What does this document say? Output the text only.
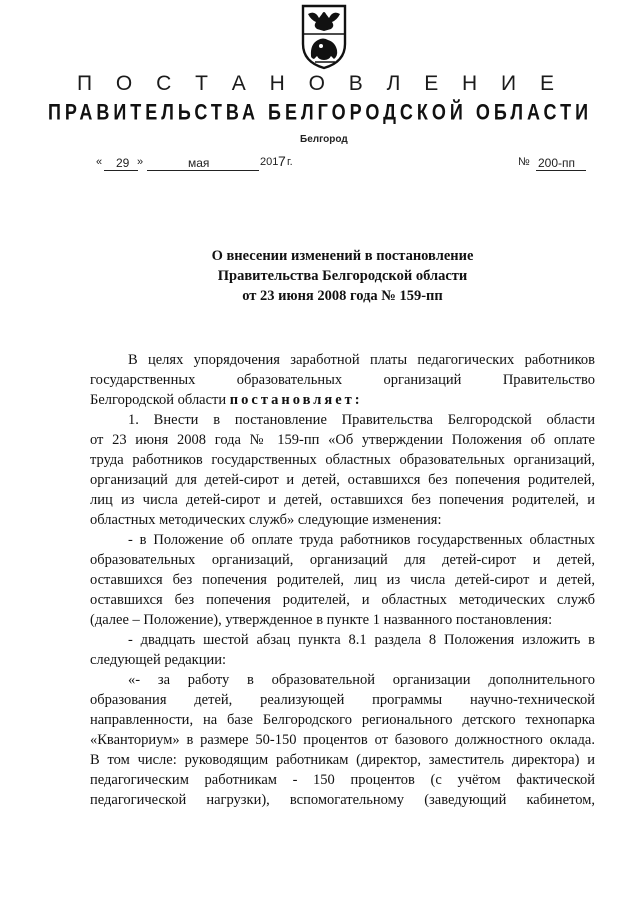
П О С Т А Н О В Л Е Н И Е
ПРАВИТЕЛЬСТВА БЕЛГОРОДСКОЙ ОБЛАСТИ
Белгород
« 29 »	мая	201 7 г.	№ 200-пп
О внесении изменений в постановление
Правительства Белгородской области
от 23 июня 2008 года № 159-пп
В целях упорядочения заработной платы педагогических работников
государственных образовательных организаций Правительство
Белгородской области постановляет:
1. Внести в постановление Правительства Белгородской области
от 23 июня 2008 года № 159-пп «Об утверждении Положения об оплате
труда работников государственных областных образовательных организаций,
организаций для детей-сирот и детей, оставшихся без попечения родителей,
лиц из числа детей-сирот и детей, оставшихся без попечения родителей, и
областных методических служб» следующие изменения:
- в Положение об оплате труда работников государственных областных
образовательных организаций, организаций для детей-сирот и детей,
оставшихся без попечения родителей, лиц из числа детей-сирот и детей,
оставшихся без попечения родителей, и областных методических служб
(далее – Положение), утвержденное в пункте 1 названного постановления:
- двадцать шестой абзац пункта 8.1 раздела 8 Положения изложить в
следующей редакции:
«- за работу в образовательной организации дополнительного
образования детей, реализующей программы научно-технической
направленности, на базе Белгородского регионального детского технопарка
«Кванториум» в размере 50-150 процентов от базового должностного оклада.
В том числе: руководящим работникам (директор, заместитель директора) и
педагогическим работникам - 150 процентов (с учётом фактической
педагогической нагрузки), вспомогательному (заведующий кабинетом,
